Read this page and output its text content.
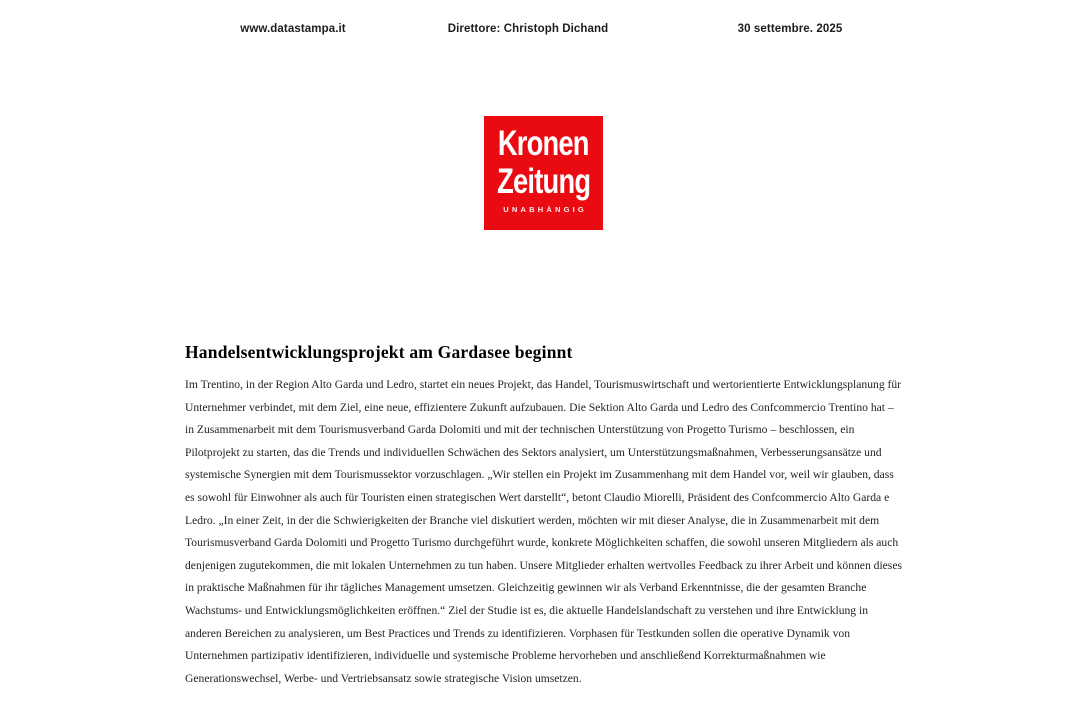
www.datastampa.it	Direttore: Christoph Dichand	30 settembre. 2025
Kronen
Zeitung
UNABHÄNGIG
Handelsentwicklungsprojekt am Gardasee beginnt

Im Trentino, in der Region Alto Garda und Ledro, startet ein neues Projekt, das Handel, Tourismuswirtschaft und wertorientierte Entwicklungsplanung für Unternehmer verbindet, mit dem Ziel, eine neue, effizientere Zukunft aufzubauen. Die Sektion Alto Garda und Ledro des Confcommercio Trentino hat – in Zusammenarbeit mit dem Tourismusverband Garda Dolomiti und mit der technischen Unterstützung von Progetto Turismo – beschlossen, ein Pilotprojekt zu starten, das die Trends und individuellen Schwächen des Sektors analysiert, um Unterstützungsmaßnahmen, Verbesserungsansätze und systemische Synergien mit dem Tourismussektor vorzuschlagen. „Wir stellen ein Projekt im Zusammenhang mit dem Handel vor, weil wir glauben, dass es sowohl für Einwohner als auch für Touristen einen strategischen Wert darstellt“, betont Claudio Miorelli, Präsident des Confcommercio Alto Garda e Ledro. „In einer Zeit, in der die Schwierigkeiten der Branche viel diskutiert werden, möchten wir mit dieser Analyse, die in Zusammenarbeit mit dem Tourismusverband Garda Dolomiti und Progetto Turismo durchgeführt wurde, konkrete Möglichkeiten schaffen, die sowohl unseren Mitgliedern als auch denjenigen zugutekommen, die mit lokalen Unternehmen zu tun haben. Unsere Mitglieder erhalten wertvolles Feedback zu ihrer Arbeit und können dieses in praktische Maßnahmen für ihr tägliches Management umsetzen. Gleichzeitig gewinnen wir als Verband Erkenntnisse, die der gesamten Branche Wachstums- und Entwicklungsmöglichkeiten eröffnen.“ Ziel der Studie ist es, die aktuelle Handelslandschaft zu verstehen und ihre Entwicklung in anderen Bereichen zu analysieren, um Best Practices und Trends zu identifizieren. Vorphasen für Testkunden sollen die operative Dynamik von Unternehmen partizipativ identifizieren, individuelle und systemische Probleme hervorheben und anschließend Korrekturmaßnahmen wie Generationswechsel, Werbe- und Vertriebsansatz sowie strategische Vision umsetzen.
